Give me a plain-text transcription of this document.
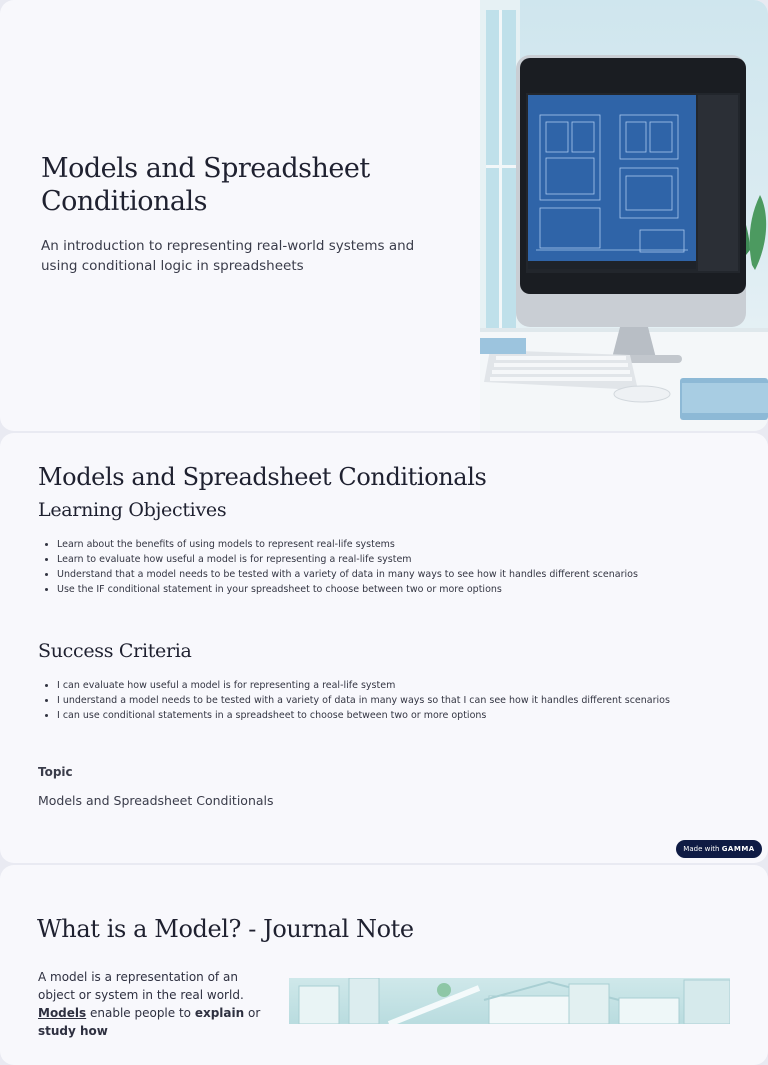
Models and Spreadsheet Conditionals

An introduction to representing real-world systems and using conditional logic in spreadsheets

Models and Spreadsheet Conditionals
Learning Objectives
• Learn about the benefits of using models to represent real-life systems
• Learn to evaluate how useful a model is for representing a real-life system
• Understand that a model needs to be tested with a variety of data in many ways to see how it handles different scenarios
• Use the IF conditional statement in your spreadsheet to choose between two or more options
Success Criteria
• I can evaluate how useful a model is for representing a real-life system
• I understand a model needs to be tested with a variety of data in many ways so that I can see how it handles different scenarios
• I can use conditional statements in a spreadsheet to choose between two or more options

Topic

Models and Spreadsheet Conditionals

Made with GAMMA
What is a Model? - Journal Note

A model is a representation of an object or system in the real world. Models enable people to explain or study how
